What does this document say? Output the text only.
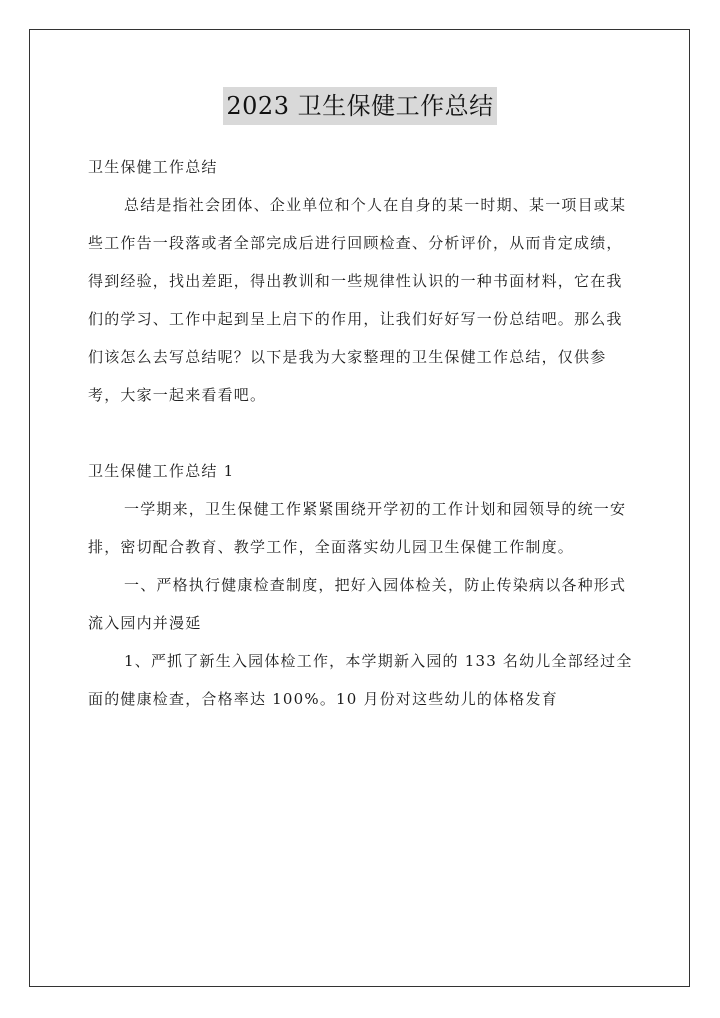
2023 卫生保健工作总结

卫生保健工作总结

总结是指社会团体、企业单位和个人在自身的某一时期、某一项目或某些工作告一段落或者全部完成后进行回顾检查、分析评价，从而肯定成绩，得到经验，找出差距，得出教训和一些规律性认识的一种书面材料，它在我们的学习、工作中起到呈上启下的作用，让我们好好写一份总结吧。那么我们该怎么去写总结呢？以下是我为大家整理的卫生保健工作总结，仅供参考，大家一起来看看吧。

卫生保健工作总结 1

一学期来，卫生保健工作紧紧围绕开学初的工作计划和园领导的统一安排，密切配合教育、教学工作，全面落实幼儿园卫生保健工作制度。

一、严格执行健康检查制度，把好入园体检关，防止传染病以各种形式流入园内并漫延

1、严抓了新生入园体检工作，本学期新入园的 133 名幼儿全部经过全面的健康检查，合格率达 100%。10 月份对这些幼儿的体格发育
